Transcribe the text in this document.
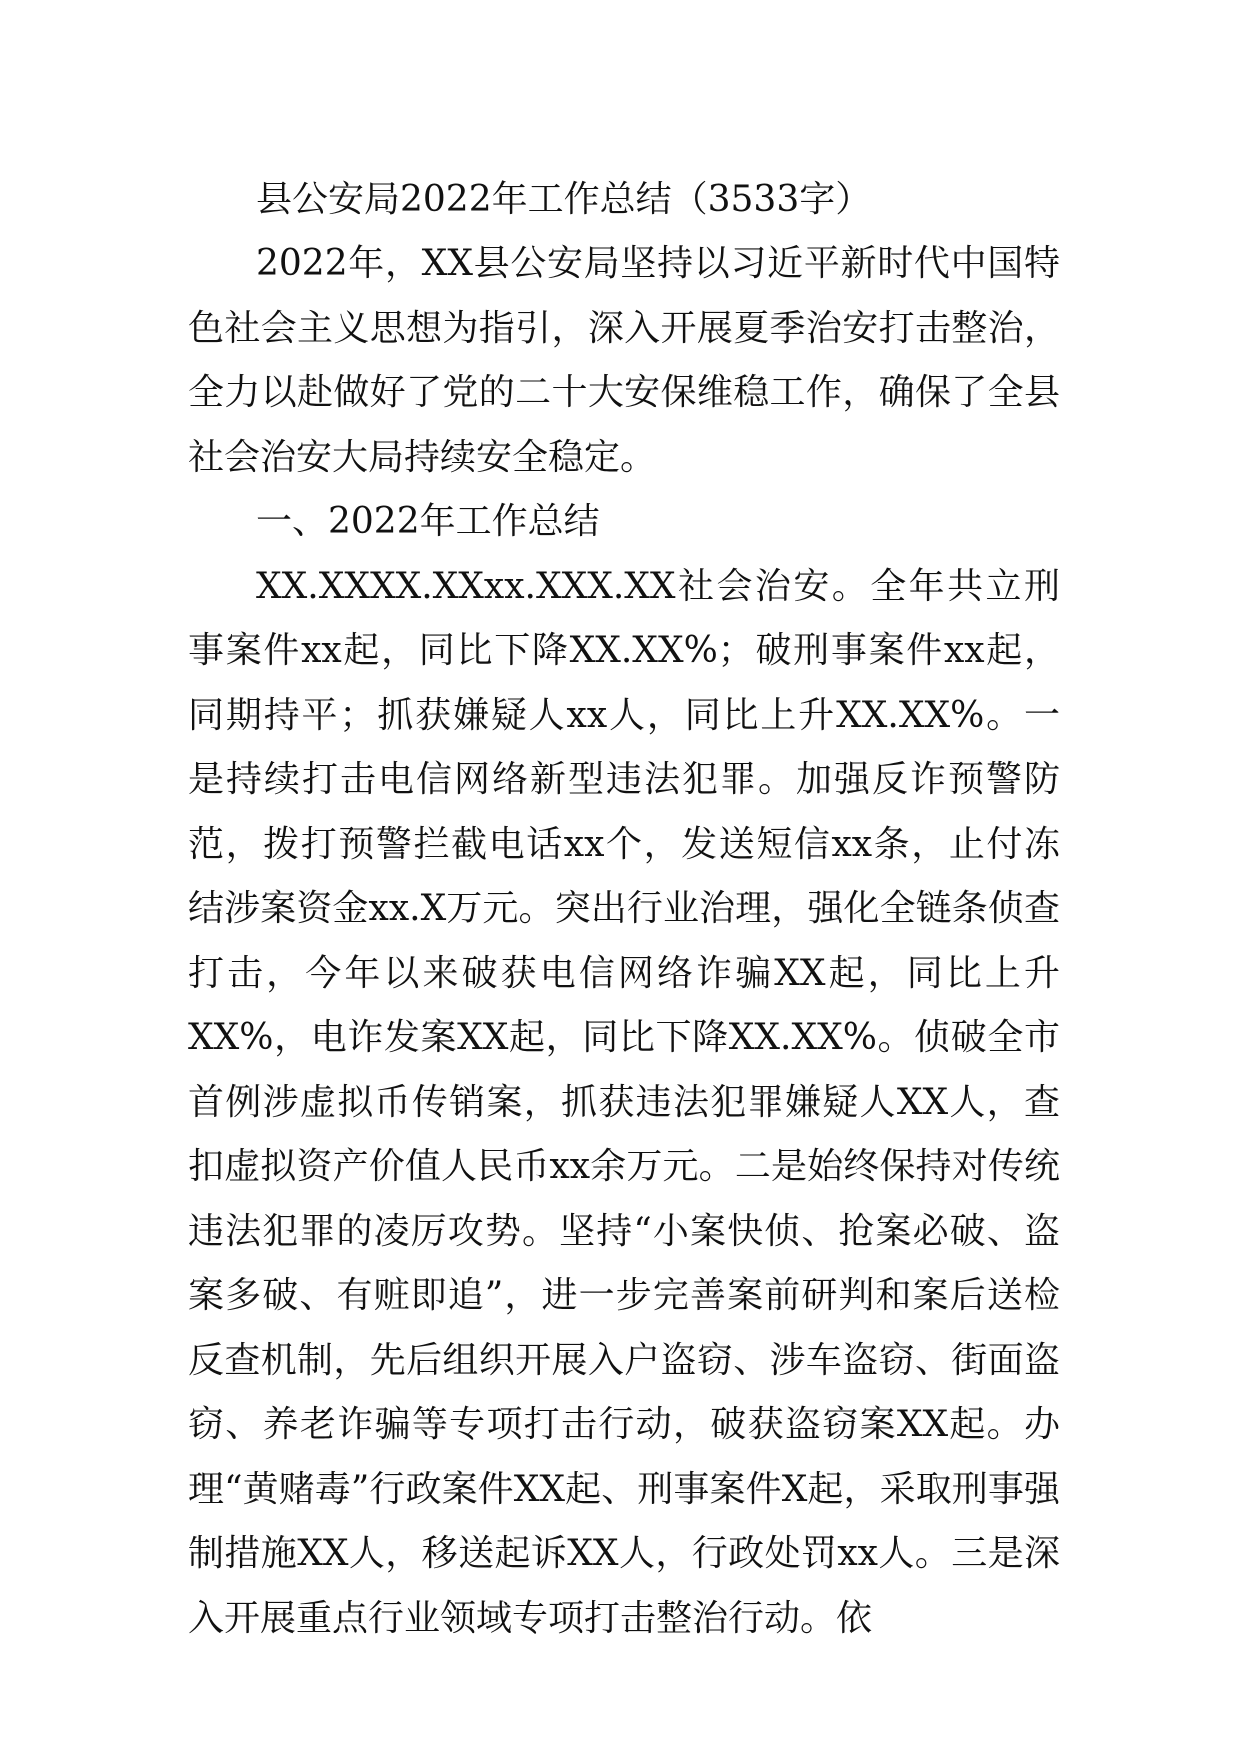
县公安局2022年工作总结（3533字）

2022年，XX县公安局坚持以习近平新时代中国特色社会主义思想为指引，深入开展夏季治安打击整治，全力以赴做好了党的二十大安保维稳工作，确保了全县社会治安大局持续安全稳定。

一、2022年工作总结

XX.XXXX.XXxx.XXX.XX社会治安。全年共立刑事案件xx起，同比下降XX.XX%；破刑事案件xx起，同期持平；抓获嫌疑人xx人，同比上升XX.XX%。一是持续打击电信网络新型违法犯罪。加强反诈预警防范，拨打预警拦截电话xx个，发送短信xx条，止付冻结涉案资金xx.X万元。突出行业治理，强化全链条侦查打击，今年以来破获电信网络诈骗XX起，同比上升XX%，电诈发案XX起，同比下降XX.XX%。侦破全市首例涉虚拟币传销案，抓获违法犯罪嫌疑人XX人，查扣虚拟资产价值人民币xx余万元。二是始终保持对传统违法犯罪的凌厉攻势。坚持“小案快侦、抢案必破、盗案多破、有赃即追”，进一步完善案前研判和案后送检反查机制，先后组织开展入户盗窃、涉车盗窃、街面盗窃、养老诈骗等专项打击行动，破获盗窃案XX起。办理“黄赌毒”行政案件XX起、刑事案件X起，采取刑事强制措施XX人，移送起诉XX人，行政处罚xx人。三是深入开展重点行业领域专项打击整治行动。依
